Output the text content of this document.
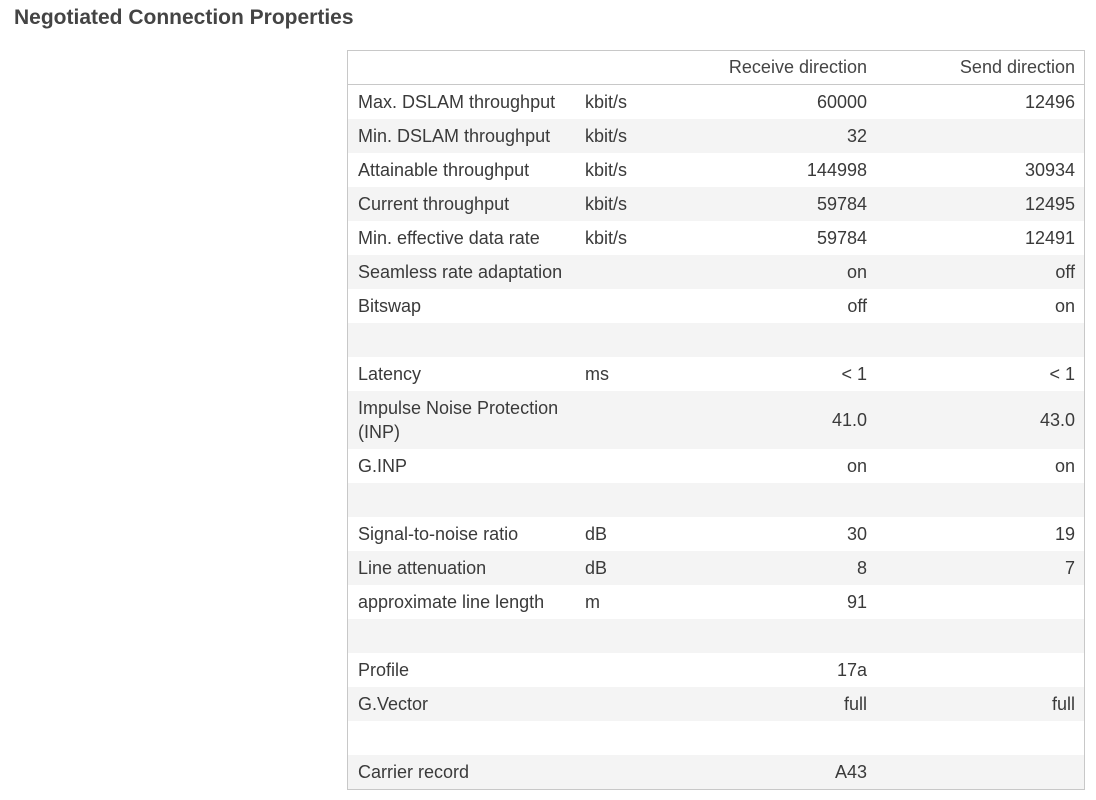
Negotiated Connection Properties
		Receive direction	Send direction
Max. DSLAM throughput	kbit/s	60000	12496
Min. DSLAM throughput	kbit/s	32	
Attainable throughput	kbit/s	144998	30934
Current throughput	kbit/s	59784	12495
Min. effective data rate	kbit/s	59784	12491
Seamless rate adaptation		on	off
Bitswap		off	on

Latency	ms	< 1	< 1
Impulse Noise Protection (INP)		41.0	43.0
G.INP		on	on

Signal-to-noise ratio	dB	30	19
Line attenuation	dB	8	7
approximate line length	m	91	

Profile		17a	
G.Vector		full	full

Carrier record		A43	
